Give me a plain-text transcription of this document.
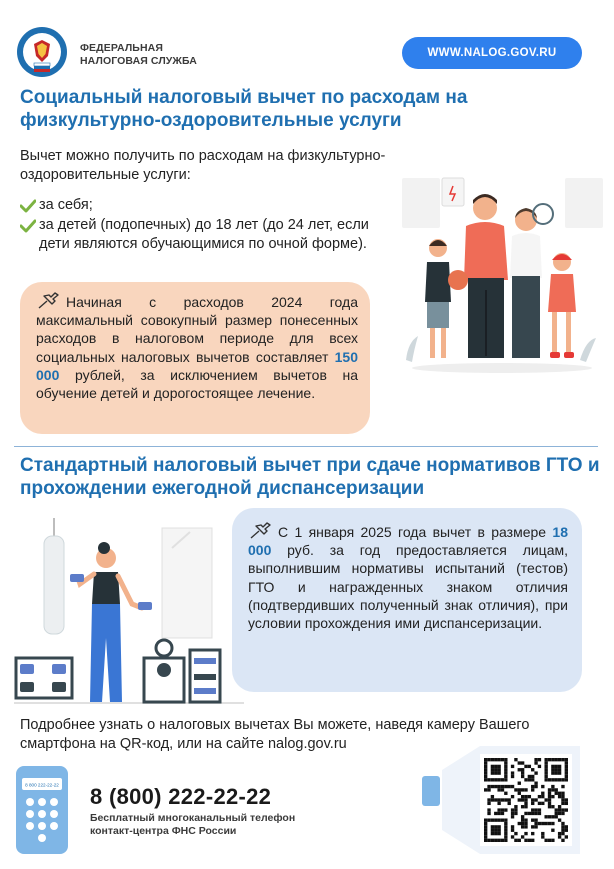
ФЕДЕРАЛЬНАЯ
НАЛОГОВАЯ СЛУЖБА
WWW.NALOG.GOV.RU
Социальный налоговый вычет по расходам на физкультурно-оздоровительные услуги
Вычет можно получить по расходам на физкультурно-оздоровительные услуги:
за себя;
за детей (подопечных) до 18 лет (до 24 лет, если дети являются обучающимися по очной форме).
Начиная с расходов 2024 года максимальный совокупный размер понесенных расходов в налоговом периоде для всех социальных налоговых вычетов составляет 150 000 рублей, за исключением вычетов на обучение детей и дорогостоящее лечение.
Стандартный налоговый вычет при сдаче нормативов ГТО и прохождении ежегодной диспансеризации
С 1 января 2025 года вычет в размере 18 000 руб. за год предоставляется лицам, выполнившим нормативы испытаний (тестов) ГТО и награжденных знаком отличия (подтвердивших полученный знак отличия), при условии прохождения ими диспансеризации.
Подробнее узнать о налоговых вычетах Вы можете, наведя камеру Вашего смартфона на QR-код, или на сайте nalog.gov.ru
8 800 222-22-22 8 (800) 222-22-22
Бесплатный многоканальный телефон
контакт-центра ФНС России
